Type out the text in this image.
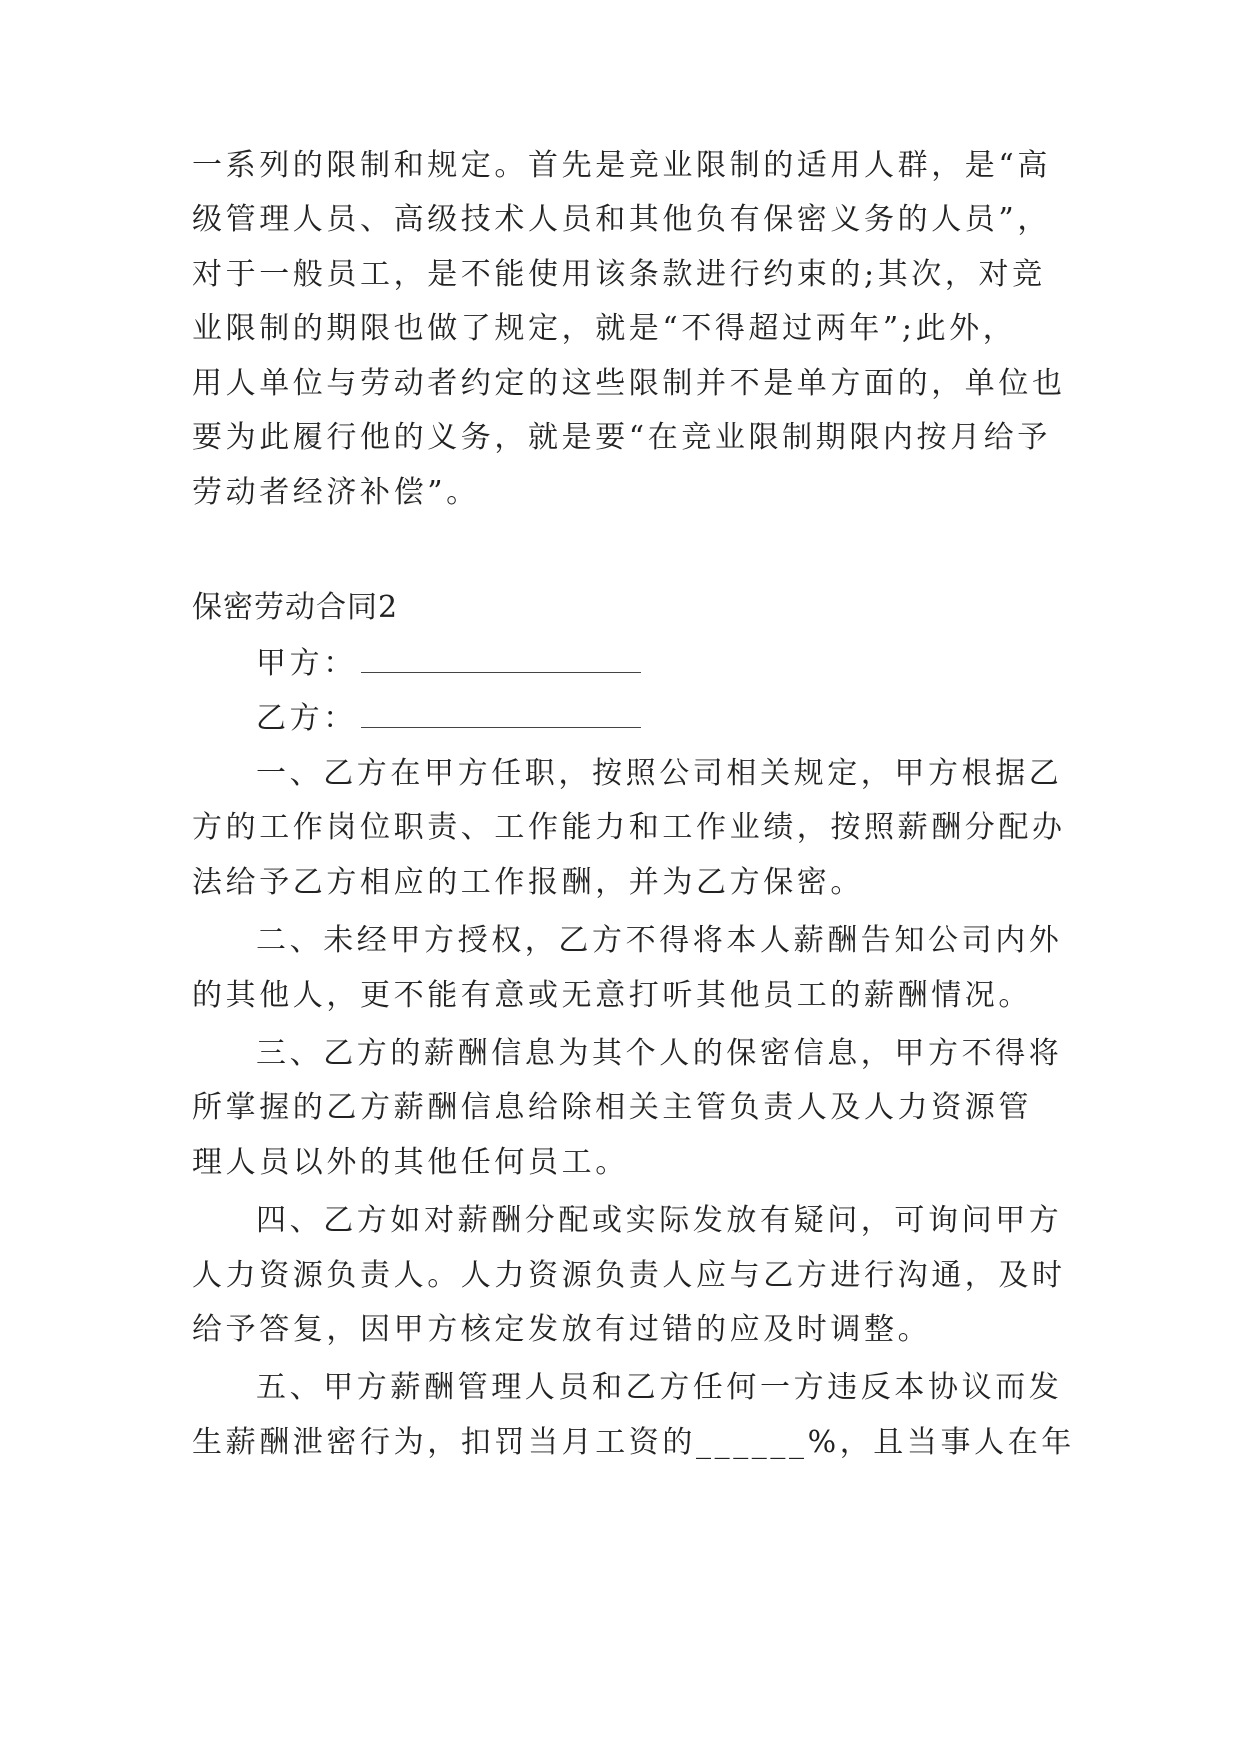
一系列的限制和规定。首先是竞业限制的适用人群，是“高
级管理人员、高级技术人员和其他负有保密义务的人员”，
对于一般员工，是不能使用该条款进行约束的;其次，对竞
业限制的期限也做了规定，就是“不得超过两年”;此外，
用人单位与劳动者约定的这些限制并不是单方面的，单位也
要为此履行他的义务，就是要“在竞业限制期限内按月给予
劳动者经济补偿”。
保密劳动合同2
甲方：
乙方：
一、乙方在甲方任职，按照公司相关规定，甲方根据乙
方的工作岗位职责、工作能力和工作业绩，按照薪酬分配办
法给予乙方相应的工作报酬，并为乙方保密。
二、未经甲方授权，乙方不得将本人薪酬告知公司内外
的其他人，更不能有意或无意打听其他员工的薪酬情况。
三、乙方的薪酬信息为其个人的保密信息，甲方不得将
所掌握的乙方薪酬信息给除相关主管负责人及人力资源管
理人员以外的其他任何员工。
四、乙方如对薪酬分配或实际发放有疑问，可询问甲方
人力资源负责人。人力资源负责人应与乙方进行沟通，及时
给予答复，因甲方核定发放有过错的应及时调整。
五、甲方薪酬管理人员和乙方任何一方违反本协议而发
生薪酬泄密行为，扣罚当月工资的______%，且当事人在年
